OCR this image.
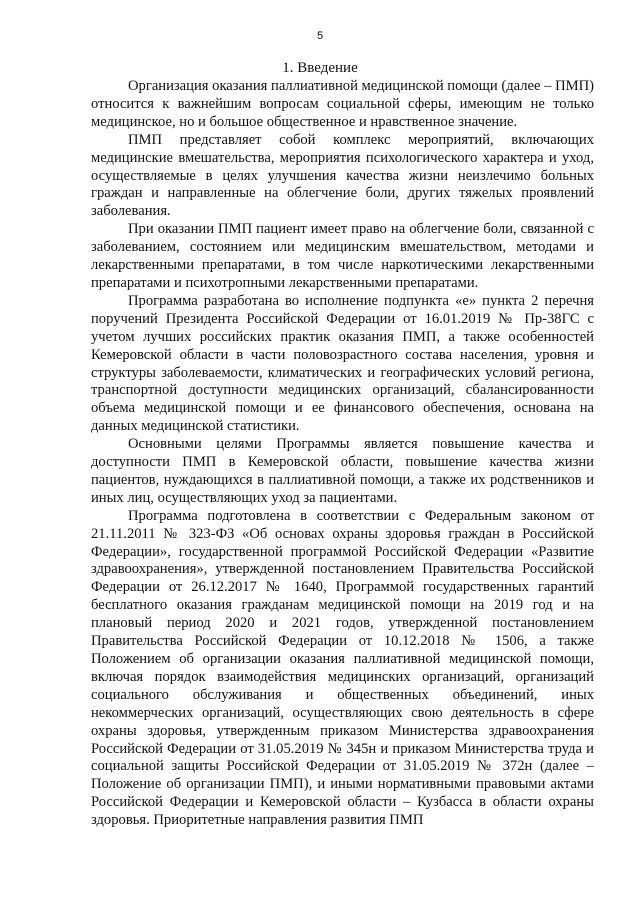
5
1. Введение

Организация оказания паллиативной медицинской помощи (далее – ПМП) относится к важнейшим вопросам социальной сферы, имеющим не только медицинское, но и большое общественное и нравственное значение.

ПМП представляет собой комплекс мероприятий, включающих медицинские вмешательства, мероприятия психологического характера и уход, осуществляемые в целях улучшения качества жизни неизлечимо больных граждан и направленные на облегчение боли, других тяжелых проявлений заболевания.

При оказании ПМП пациент имеет право на облегчение боли, связанной с заболеванием, состоянием или медицинским вмешательством, методами и лекарственными препаратами, в том числе наркотическими лекарственными препаратами и психотропными лекарственными препаратами.

Программа разработана во исполнение подпункта «е» пункта 2 перечня поручений Президента Российской Федерации от 16.01.2019 № Пр-38ГС с учетом лучших российских практик оказания ПМП, а также особенностей Кемеровской области в части половозрастного состава населения, уровня и структуры заболеваемости, климатических и географических условий региона, транспортной доступности медицинских организаций, сбалансированности объема медицинской помощи и ее финансового обеспечения, основана на данных медицинской статистики.

Основными целями Программы является повышение качества и доступности ПМП в Кемеровской области, повышение качества жизни пациентов, нуждающихся в паллиативной помощи, а также их родственников и иных лиц, осуществляющих уход за пациентами.

Программа подготовлена в соответствии с Федеральным законом от 21.11.2011 № 323-ФЗ «Об основах охраны здоровья граждан в Российской Федерации», государственной программой Российской Федерации «Развитие здравоохранения», утвержденной постановлением Правительства Российской Федерации от 26.12.2017 № 1640, Программой государственных гарантий бесплатного оказания гражданам медицинской помощи на 2019 год и на плановый период 2020 и 2021 годов, утвержденной постановлением Правительства Российской Федерации от 10.12.2018 № 1506, а также Положением об организации оказания паллиативной медицинской помощи, включая порядок взаимодействия медицинских организаций, организаций социального обслуживания и общественных объединений, иных некоммерческих организаций, осуществляющих свою деятельность в сфере охраны здоровья, утвержденным приказом Министерства здравоохранения Российской Федерации от 31.05.2019 № 345н и приказом Министерства труда и социальной защиты Российской Федерации от 31.05.2019 № 372н (далее – Положение об организации ПМП), и иными нормативными правовыми актами Российской Федерации и Кемеровской области – Кузбасса в области охраны здоровья. Приоритетные направления развития ПМП
